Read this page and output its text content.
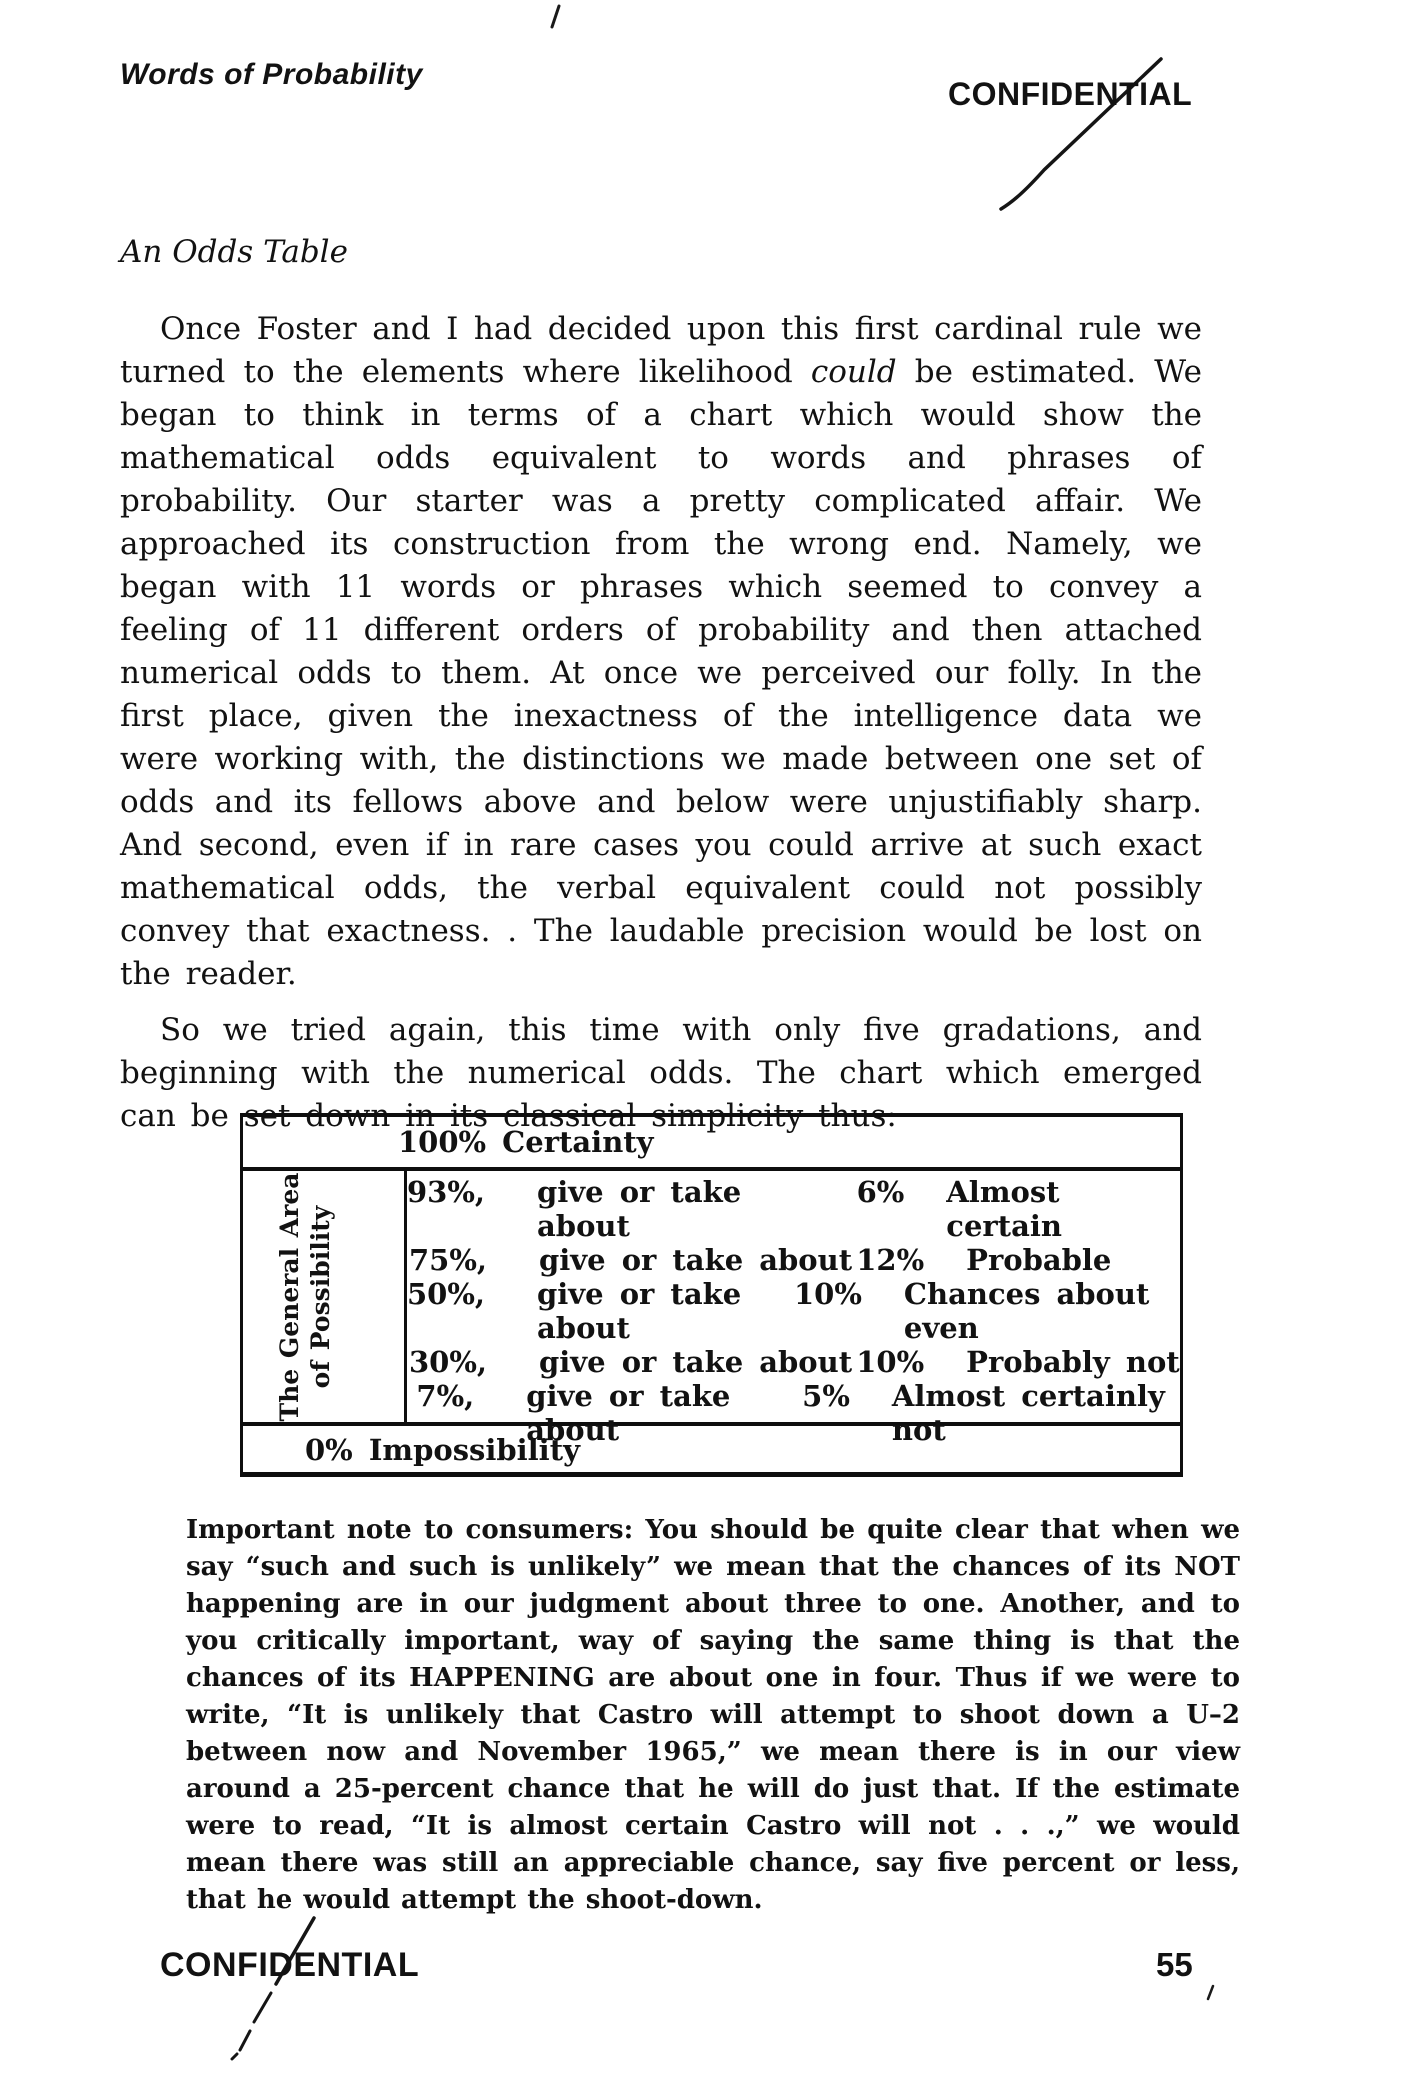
Words of Probability
CONFIDENTIAL
An Odds Table

Once Foster and I had decided upon this first cardinal rule we turned to the elements where likelihood could be estimated. We began to think in terms of a chart which would show the mathematical odds equivalent to words and phrases of probability. Our starter was a pretty complicated affair. We approached its construction from the wrong end. Namely, we began with 11 words or phrases which seemed to convey a feeling of 11 different orders of probability and then attached numerical odds to them. At once we perceived our folly. In the first place, given the inexactness of the intelligence data we were working with, the distinctions we made between one set of odds and its fellows above and below were unjustifiably sharp. And second, even if in rare cases you could arrive at such exact mathematical odds, the verbal equivalent could not possibly convey that exactness. . The laudable precision would be lost on the reader.

So we tried again, this time with only five gradations, and beginning with the numerical odds. The chart which emerged can be set down in its classical simplicity thus:

100% Certainty
The General Area of Possibility
93%, give or take about
6% Almost certain
75%, give or take about 12% Probable
50%, give or take about
10% Chances about even
30%, give or take about 10% Probably not
7%, give or take about
5% Almost certainly not
0% Impossibility
Important note to consumers: You should be quite clear that when we say “such and such is unlikely” we mean that the chances of its NOT happening are in our judgment about three to one. Another, and to you critically important, way of saying the same thing is that the chances of its HAPPENING are about one in four. Thus if we were to write, “It is unlikely that Castro will attempt to shoot down a U–2 between now and November 1965,” we mean there is in our view around a 25-percent chance that he will do just that. If the estimate were to read, “It is almost certain Castro will not . . .,” we would mean there was still an appreciable chance, say five percent or less, that he would attempt the shoot-down.
CONFIDENTIAL	55
